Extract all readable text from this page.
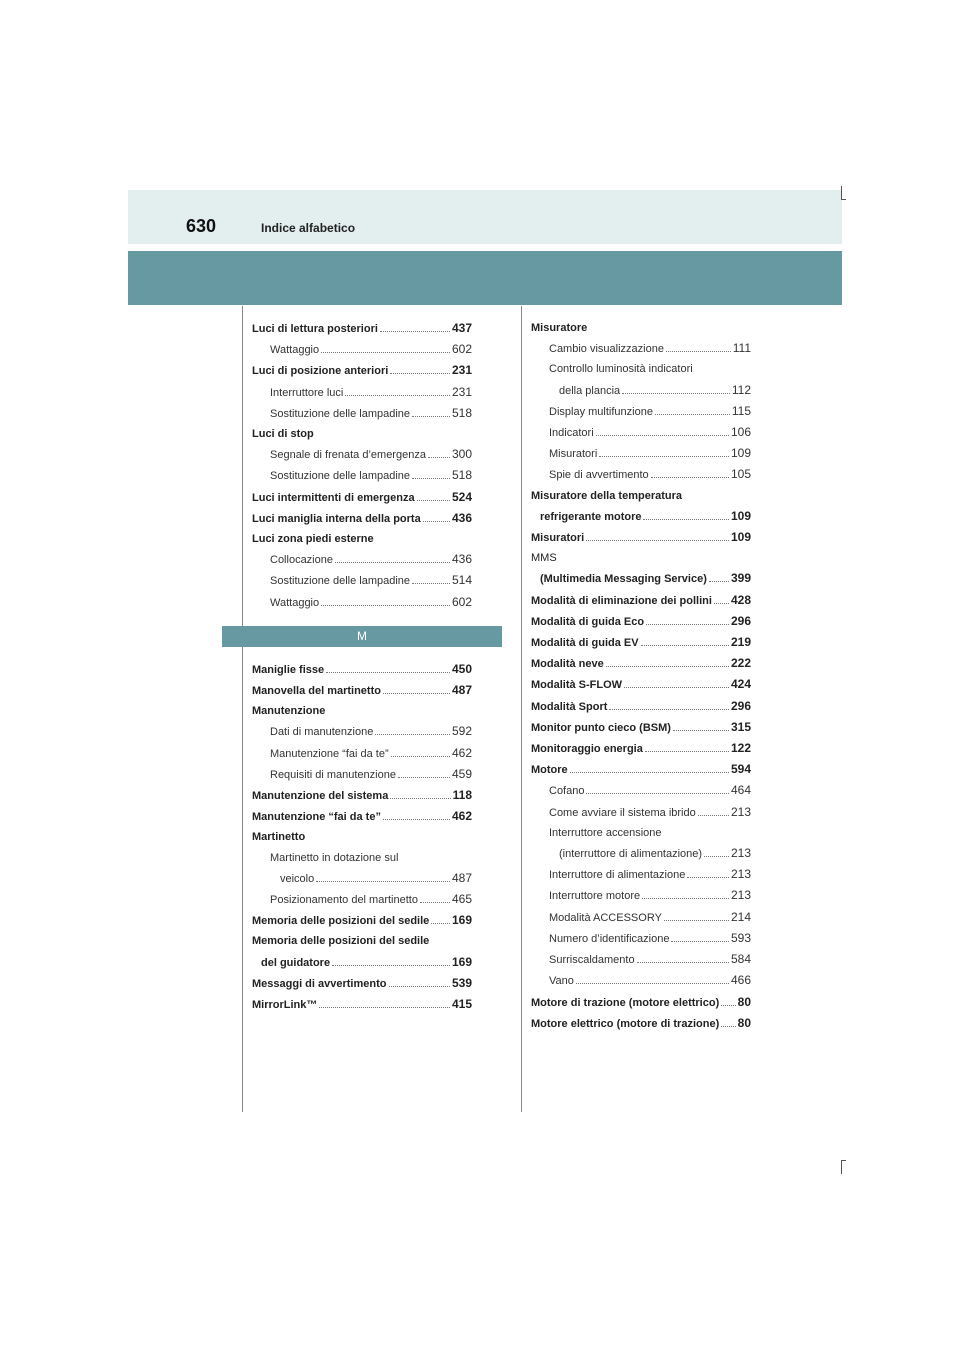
630	Indice alfabetico
Luci di lettura posteriori	437
Wattaggio	602
Luci di posizione anteriori	231
Interruttore luci	231
Sostituzione delle lampadine	518
Luci di stop
Segnale di frenata d’emergenza 300
Sostituzione delle lampadine	518
Luci intermittenti di emergenza	524
Luci maniglia interna della porta	436
Luci zona piedi esterne
Collocazione	436
Sostituzione delle lampadine	514
Wattaggio	602
M
Maniglie fisse	450
Manovella del martinetto	487
Manutenzione
Dati di manutenzione	592
Manutenzione “fai da te”	462
Requisiti di manutenzione	459
Manutenzione del sistema	118
Manutenzione “fai da te”	462
Martinetto
Martinetto in dotazione sul
veicolo	487
Posizionamento del martinetto	465
Memoria delle posizioni del sedile 169
Memoria delle posizioni del sedile
del guidatore	169
Messaggi di avvertimento	539
MirrorLink™	415
Misuratore
Cambio visualizzazione	111
Controllo luminosità indicatori
della plancia	112
Display multifunzione	115
Indicatori	106
Misuratori	109
Spie di avvertimento	105
Misuratore della temperatura
refrigerante motore	109
Misuratori	109
MMS
(Multimedia Messaging Service) 399
Modalità di eliminazione dei pollini 428
Modalità di guida Eco	296
Modalità di guida EV	219
Modalità neve	222
Modalità S-FLOW	424
Modalità Sport	296
Monitor punto cieco (BSM)	315
Monitoraggio energia	122
Motore	594
Cofano	464
Come avviare il sistema ibrido	213
Interruttore accensione
(interruttore di alimentazione) 213
Interruttore di alimentazione	213
Interruttore motore	213
Modalità ACCESSORY	214
Numero d’identificazione	593
Surriscaldamento	584
Vano	466
Motore di trazione (motore elettrico) 80
Motore elettrico (motore di trazione) 80
